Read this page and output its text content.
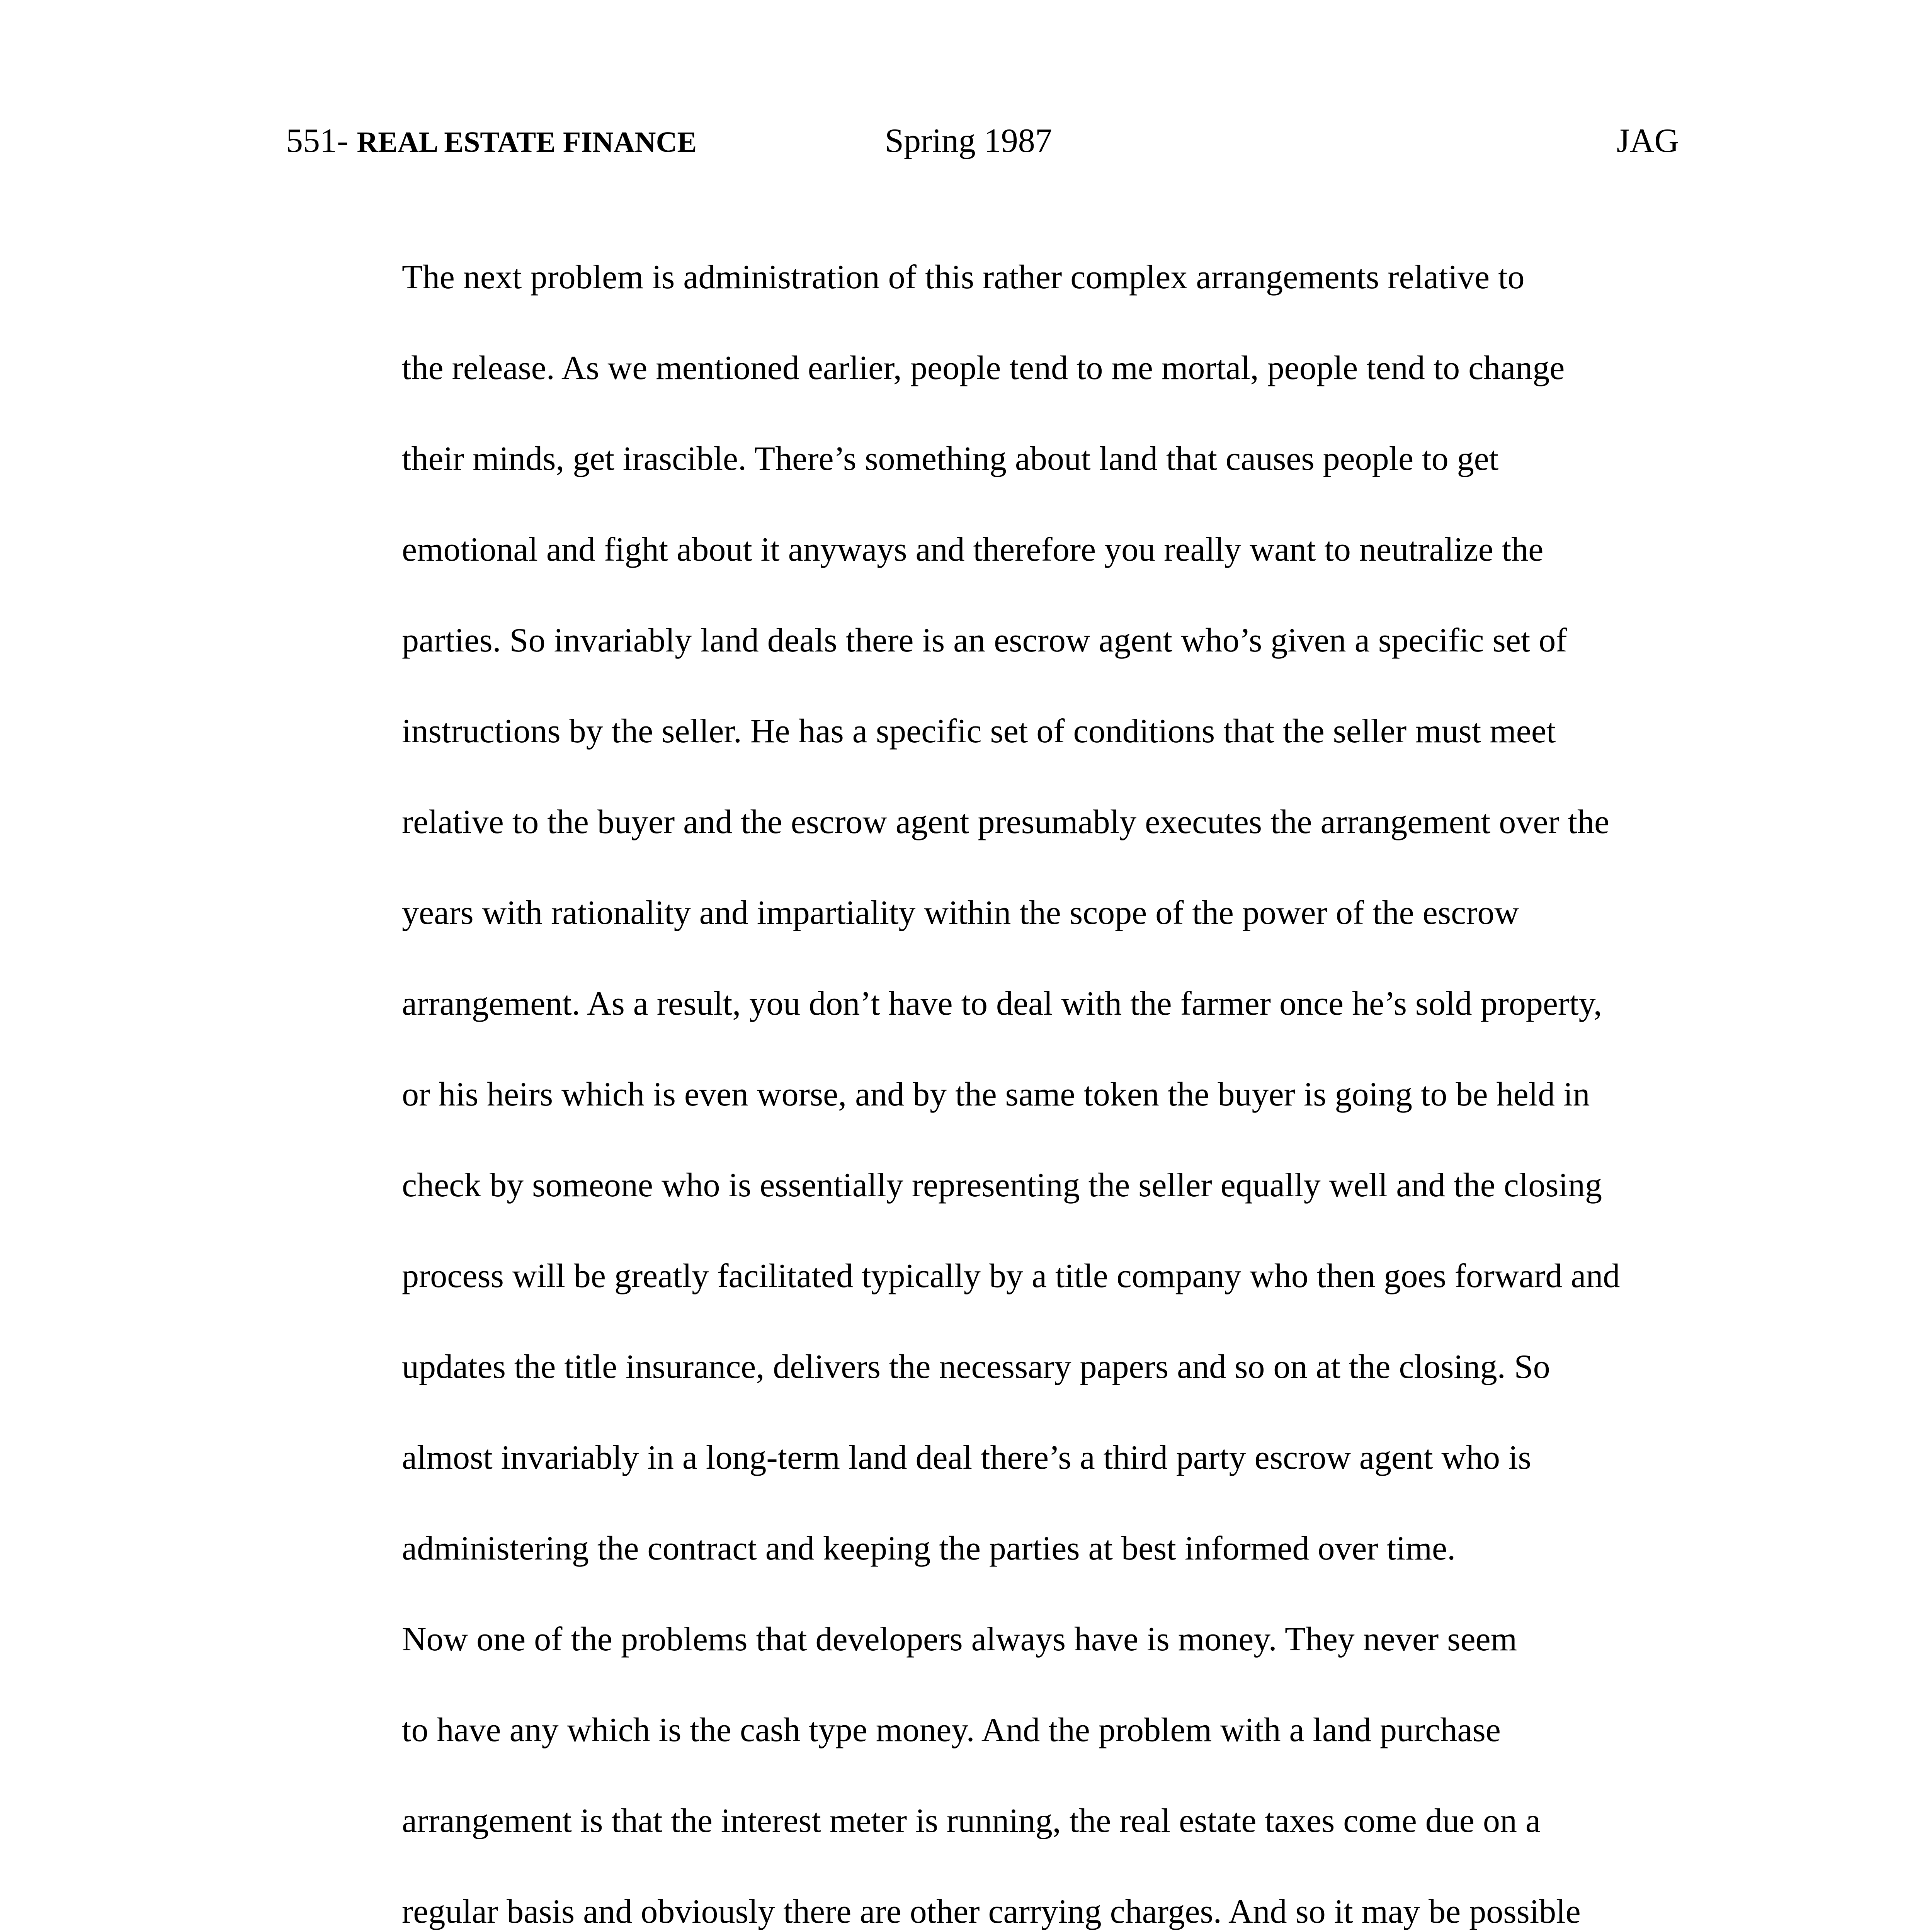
551- REAL ESTATE FINANCE	Spring 1987	JAG

The next problem is administration of this rather complex arrangements relative to
the release. As we mentioned earlier, people tend to me mortal, people tend to change
their minds, get irascible. There’s something about land that causes people to get
emotional and fight about it anyways and therefore you really want to neutralize the
parties. So invariably land deals there is an escrow agent who’s given a specific set of
instructions by the seller. He has a specific set of conditions that the seller must meet
relative to the buyer and the escrow agent presumably executes the arrangement over the
years with rationality and impartiality within the scope of the power of the escrow
arrangement. As a result, you don’t have to deal with the farmer once he’s sold property,
or his heirs which is even worse, and by the same token the buyer is going to be held in
check by someone who is essentially representing the seller equally well and the closing
process will be greatly facilitated typically by a title company who then goes forward and
updates the title insurance, delivers the necessary papers and so on at the closing. So
almost invariably in a long-term land deal there’s a third party escrow agent who is
administering the contract and keeping the parties at best informed over time.

Now one of the problems that developers always have is money. They never seem
to have any which is the cash type money. And the problem with a land purchase
arrangement is that the interest meter is running, the real estate taxes come due on a
regular basis and obviously there are other carrying charges. And so it may be possible
